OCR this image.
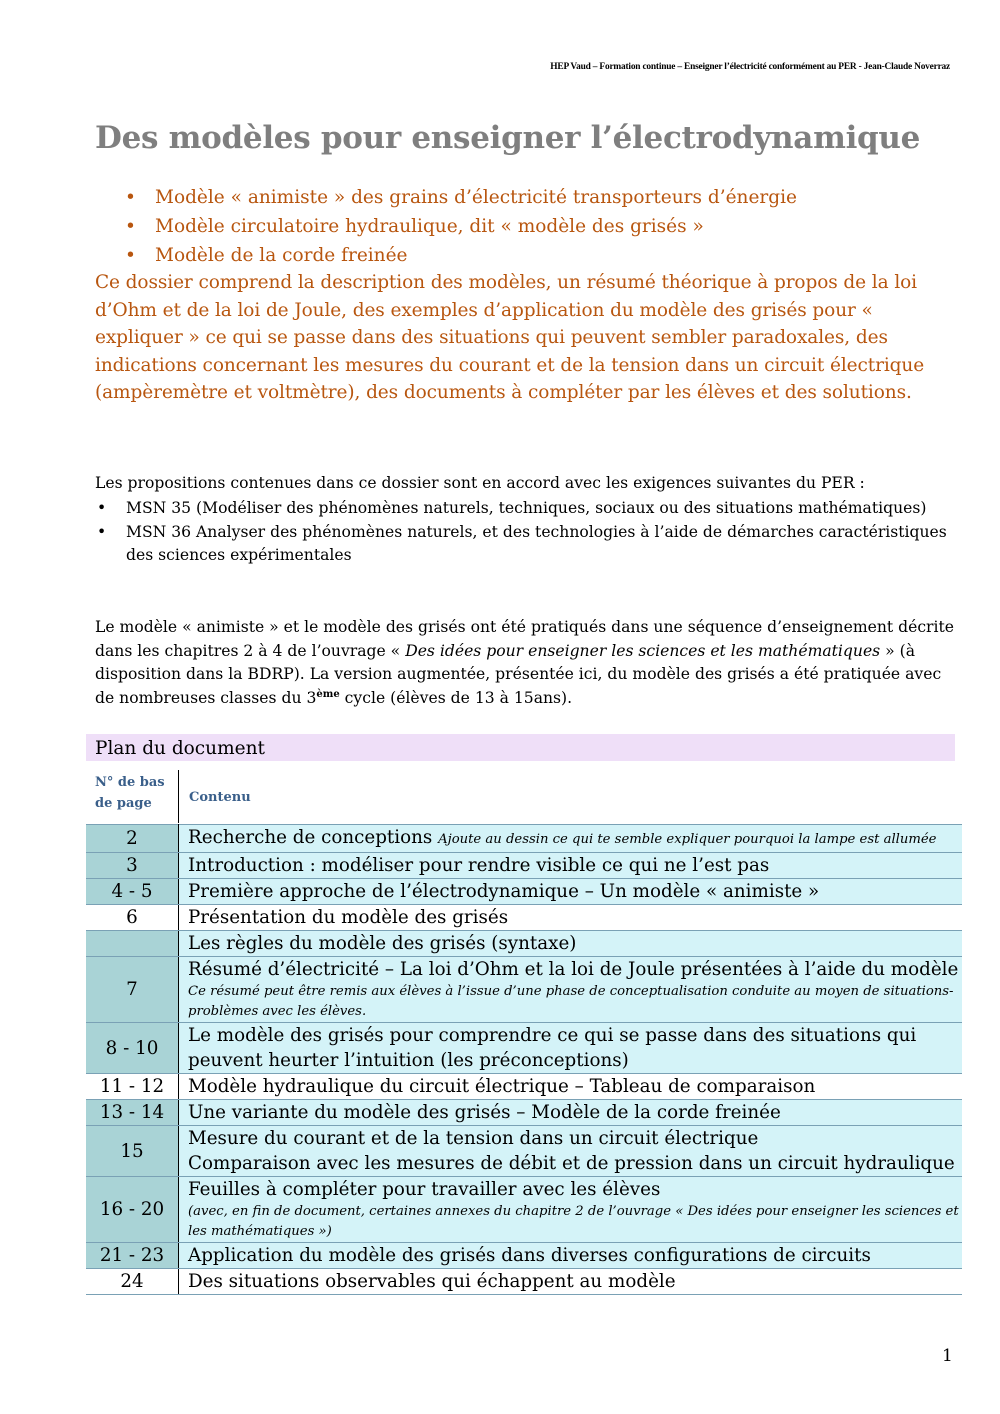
HEP Vaud – Formation continue – Enseigner l’électricité conformément au PER - Jean-Claude Noverraz
Des modèles pour enseigner l’électrodynamique
• Modèle « animiste » des grains d’électricité transporteurs d’énergie
• Modèle circulatoire hydraulique, dit « modèle des grisés »
• Modèle de la corde freinée

Ce dossier comprend la description des modèles, un résumé théorique à propos de la loi d’Ohm et de la loi de Joule, des exemples d’application du modèle des grisés pour « expliquer » ce qui se passe dans des situations qui peuvent sembler paradoxales, des indications concernant les mesures du courant et de la tension dans un circuit électrique (ampèremètre et voltmètre), des documents à compléter par les élèves et des solutions.

Les propositions contenues dans ce dossier sont en accord avec les exigences suivantes du PER :

• MSN 35 (Modéliser des phénomènes naturels, techniques, sociaux ou des situations mathématiques)
• MSN 36 Analyser des phénomènes naturels, et des technologies à l’aide de démarches caractéristiques des sciences expérimentales

Le modèle « animiste » et le modèle des grisés ont été pratiqués dans une séquence d’enseignement décrite dans les chapitres 2 à 4 de l’ouvrage « Des idées pour enseigner les sciences et les mathématiques » (à disposition dans la BDRP). La version augmentée, présentée ici, du modèle des grisés a été pratiquée avec de nombreuses classes du 3ème cycle (élèves de 13 à 15ans).

Plan du document
N° de bas de page	Contenu
2	Recherche de conceptions Ajoute au dessin ce qui te semble expliquer pourquoi la lampe est allumée
3	Introduction : modéliser pour rendre visible ce qui ne l’est pas
4 - 5	Première approche de l’électrodynamique – Un modèle « animiste »
6	Présentation du modèle des grisés
	Les règles du modèle des grisés (syntaxe)
7	Résumé d’électricité – La loi d’Ohm et la loi de Joule présentées à l’aide du modèle
Ce résumé peut être remis aux élèves à l’issue d’une phase de conceptualisation conduite au moyen de situations-problèmes avec les élèves.

8 - 10	Le modèle des grisés pour comprendre ce qui se passe dans des situations qui peuvent heurter l’intuition (les préconceptions)
11 - 12	Modèle hydraulique du circuit électrique – Tableau de comparaison
13 - 14	Une variante du modèle des grisés – Modèle de la corde freinée
15	Mesure du courant et de la tension dans un circuit électrique
Comparaison avec les mesures de débit et de pression dans un circuit hydraulique

16 - 20	Feuilles à compléter pour travailler avec les élèves
(avec, en fin de document, certaines annexes du chapitre 2 de l’ouvrage « Des idées pour enseigner les sciences et les mathématiques »)

21 - 23	Application du modèle des grisés dans diverses configurations de circuits
24	Des situations observables qui échappent au modèle
1
